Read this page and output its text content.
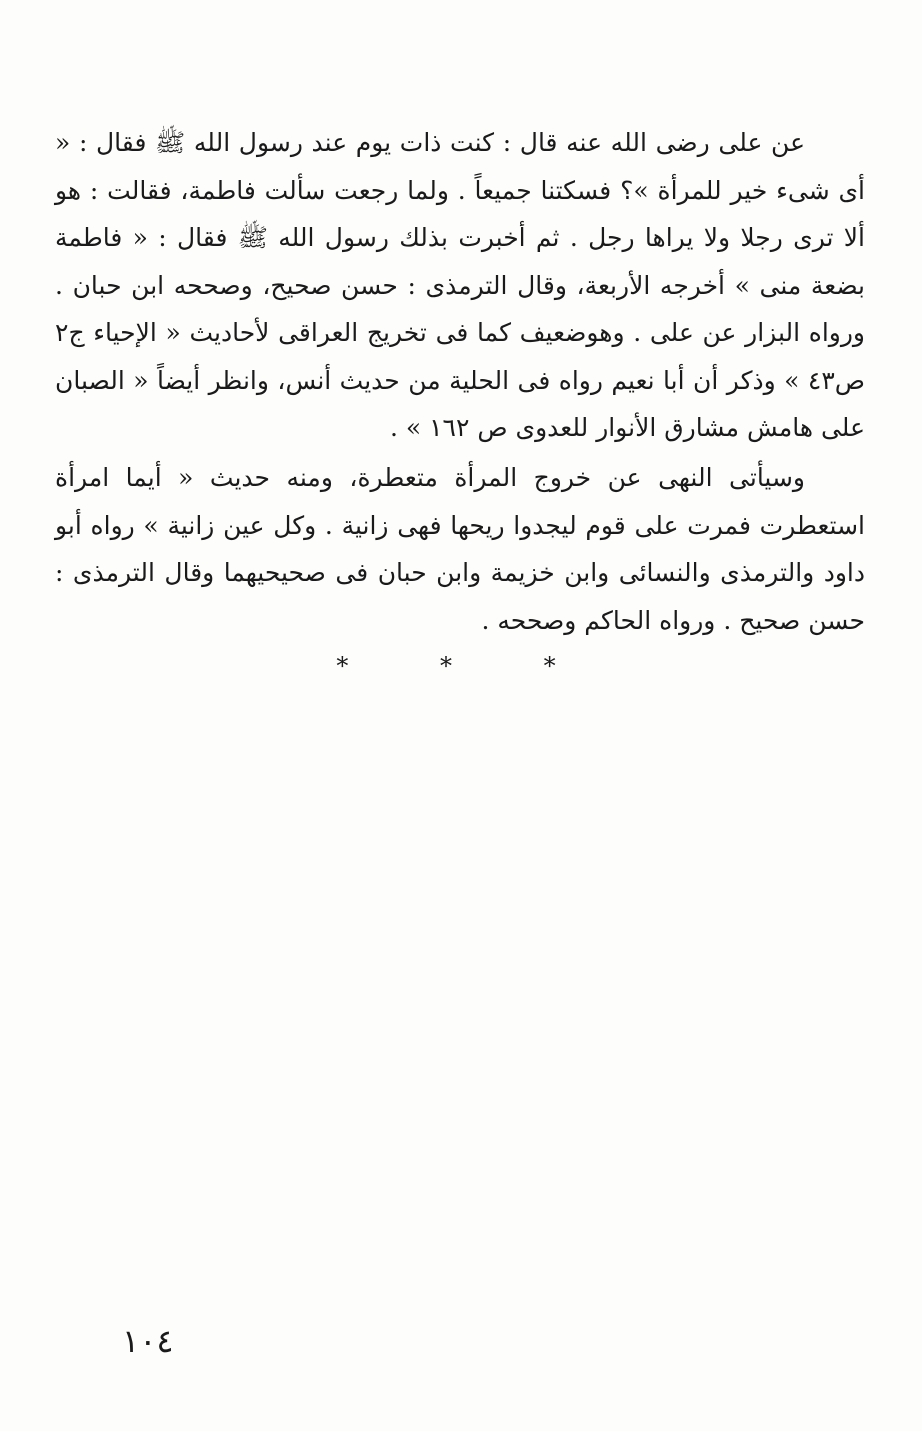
عن على رضى الله عنه قال : كنت ذات يوم عند رسول الله ﷺ فقال : « أى شىء خير للمرأة »؟ فسكتنا جميعاً . ولما رجعت سألت فاطمة، فقالت : هو ألا ترى رجلا ولا يراها رجل . ثم أخبرت بذلك رسول الله ﷺ فقال : « فاطمة بضعة منى » أخرجه الأربعة، وقال الترمذى : حسن صحيح، وصححه ابن حبان . ورواه البزار عن على . وهوضعيف كما فى تخريج العراقى لأحاديث « الإحياء ج٢ ص٤٣ » وذكر أن أبا نعيم رواه فى الحلية من حديث أنس، وانظر أيضاً « الصبان على هامش مشارق الأنوار للعدوى ص ١٦٢ » .

وسيأتى النهى عن خروج المرأة متعطرة، ومنه حديث « أيما امرأة استعطرت فمرت على قوم ليجدوا ريحها فهى زانية . وكل عين زانية » رواه أبو داود والترمذى والنسائى وابن خزيمة وابن حبان فى صحيحيهما وقال الترمذى : حسن صحيح . ورواه الحاكم وصححه .

*	*	*
١٠٤
